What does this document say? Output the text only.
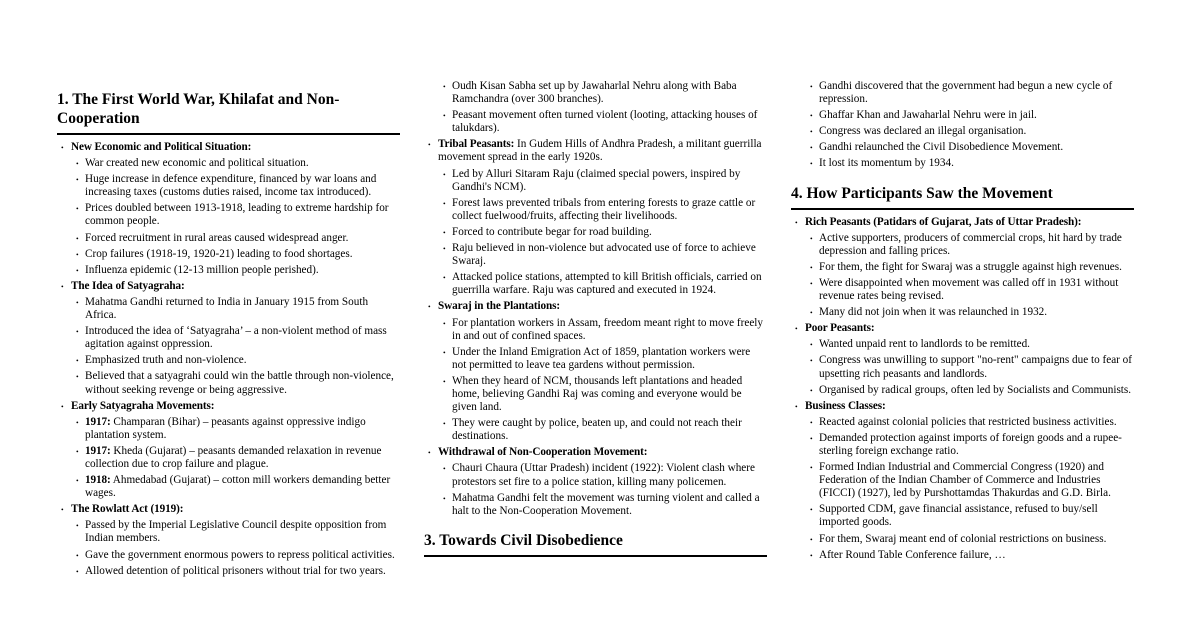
1. The First World War, Khilafat and Non-Cooperation
• New Economic and Political Situation:
• War created new economic and political situation.
• Huge increase in defence expenditure, financed by war loans and increasing taxes (customs duties raised, income tax introduced).
• Prices doubled between 1913-1918, leading to extreme hardship for common people.
• Forced recruitment in rural areas caused widespread anger.
• Crop failures (1918-19, 1920-21) leading to food shortages.
• Influenza epidemic (12-13 million people perished).
• The Idea of Satyagraha:
• Mahatma Gandhi returned to India in January 1915 from South Africa.
• Introduced the idea of ‘Satyagraha’ – a non-violent method of mass agitation against oppression.
• Emphasized truth and non-violence.
• Believed that a satyagrahi could win the battle through non-violence, without seeking revenge or being aggressive.
• Early Satyagraha Movements:
• 1917: Champaran (Bihar) – peasants against oppressive indigo plantation system.
• 1917: Kheda (Gujarat) – peasants demanded relaxation in revenue collection due to crop failure and plague.
• 1918: Ahmedabad (Gujarat) – cotton mill workers demanding better wages.
• The Rowlatt Act (1919):
• Passed by the Imperial Legislative Council despite opposition from Indian members.
• Gave the government enormous powers to repress political activities.
• Allowed detention of political prisoners without trial for two years.
• Oudh Kisan Sabha set up by Jawaharlal Nehru along with Baba Ramchandra (over 300 branches).
• Peasant movement often turned violent (looting, attacking houses of talukdars).
• Tribal Peasants: In Gudem Hills of Andhra Pradesh, a militant guerrilla movement spread in the early 1920s.
• Led by Alluri Sitaram Raju (claimed special powers, inspired by Gandhi's NCM).
• Forest laws prevented tribals from entering forests to graze cattle or collect fuelwood/fruits, affecting their livelihoods.
• Forced to contribute begar for road building.
• Raju believed in non-violence but advocated use of force to achieve Swaraj.
• Attacked police stations, attempted to kill British officials, carried on guerrilla warfare. Raju was captured and executed in 1924.
• Swaraj in the Plantations:
• For plantation workers in Assam, freedom meant right to move freely in and out of confined spaces.
• Under the Inland Emigration Act of 1859, plantation workers were not permitted to leave tea gardens without permission.
• When they heard of NCM, thousands left plantations and headed home, believing Gandhi Raj was coming and everyone would be given land.
• They were caught by police, beaten up, and could not reach their destinations.
• Withdrawal of Non-Cooperation Movement:
• Chauri Chaura (Uttar Pradesh) incident (1922): Violent clash where protestors set fire to a police station, killing many policemen.
• Mahatma Gandhi felt the movement was turning violent and called a halt to the Non-Cooperation Movement.
3. Towards Civil Disobedience
• Gandhi discovered that the government had begun a new cycle of repression.
• Ghaffar Khan and Jawaharlal Nehru were in jail.
• Congress was declared an illegal organisation.
• Gandhi relaunched the Civil Disobedience Movement.
• It lost its momentum by 1934.
4. How Participants Saw the Movement
• Rich Peasants (Patidars of Gujarat, Jats of Uttar Pradesh):
• Active supporters, producers of commercial crops, hit hard by trade depression and falling prices.
• For them, the fight for Swaraj was a struggle against high revenues.
• Were disappointed when movement was called off in 1931 without revenue rates being revised.
• Many did not join when it was relaunched in 1932.
• Poor Peasants:
• Wanted unpaid rent to landlords to be remitted.
• Congress was unwilling to support "no-rent" campaigns due to fear of upsetting rich peasants and landlords.
• Organised by radical groups, often led by Socialists and Communists.
• Business Classes:
• Reacted against colonial policies that restricted business activities.
• Demanded protection against imports of foreign goods and a rupee-sterling foreign exchange ratio.
• Formed Indian Industrial and Commercial Congress (1920) and Federation of the Indian Chamber of Commerce and Industries (FICCI) (1927), led by Purshottamdas Thakurdas and G.D. Birla.
• Supported CDM, gave financial assistance, refused to buy/sell imported goods.
• For them, Swaraj meant end of colonial restrictions on business.
• After Round Table Conference failure, …
